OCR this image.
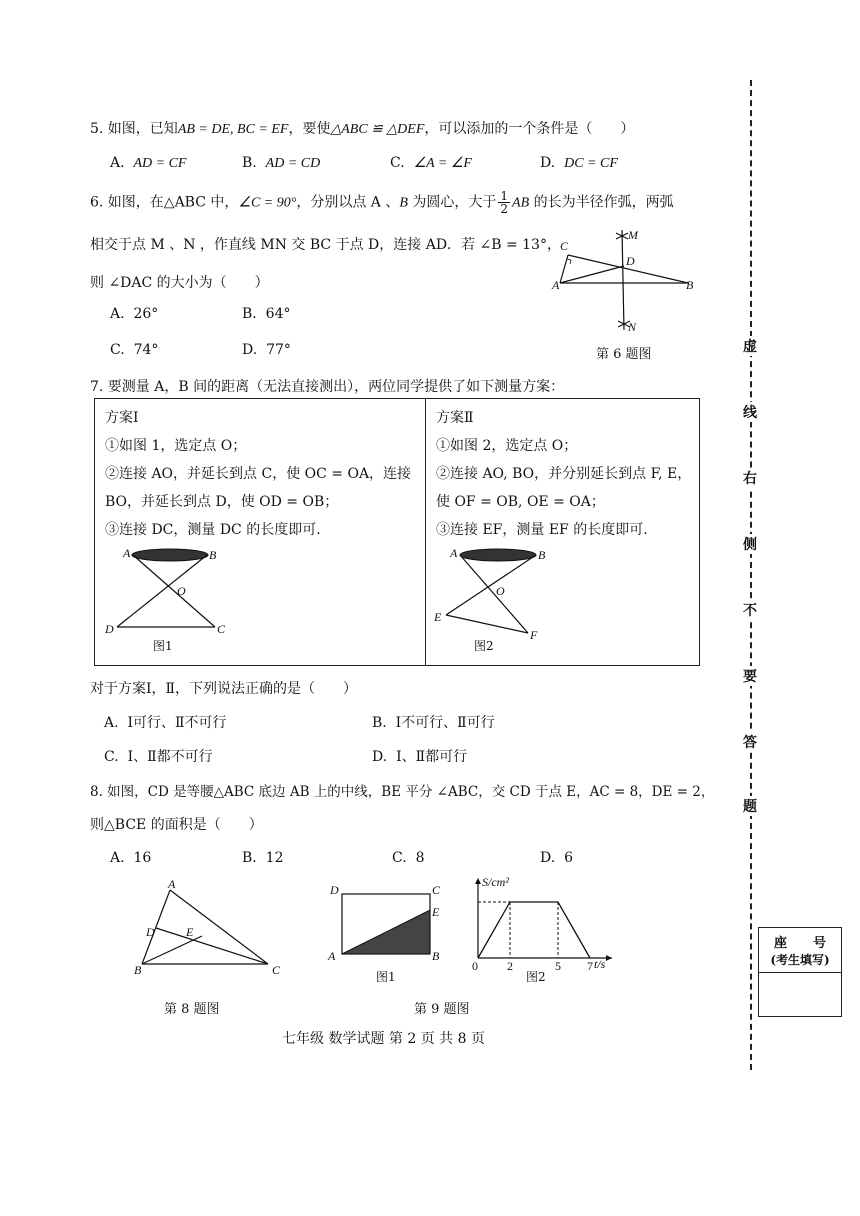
5. 如图，已知AB = DE, BC = EF，要使△ABC ≌ △DEF，可以添加的一个条件是（　　）
A. AD = CF	B. AD = CD	C. ∠A = ∠F	D. DC = CF
6. 如图，在△ABC 中，∠C = 90°，分别以点 A 、B 为圆心，大于 $\frac{1}{2}$ AB 的长为半径作弧，两弧
相交于点 M 、N ，作直线 MN 交 BC 于点 D，连接 AD．若 ∠B = 13°，
则 ∠DAC 的大小为（　　）
A. 26°	B. 64°
C. 74°	D. 77°
C
D
A	B
M
N
第 6 题图
7. 要测量 A，B 间的距离（无法直接测出），两位同学提供了如下测量方案：
方案Ⅰ
①如图 1，选定点 O；
②连接 AO，并延长到点 C，使 OC = OA，连接
BO，并延长到点 D，使 OD = OB；
③连接 DC，测量 DC 的长度即可.
A	B
O
D	C
图1
方案Ⅱ
①如图 2，选定点 O；
②连接 AO, BO，并分别延长到点 F, E，
使 OF = OB, OE = OA；
③连接 EF，测量 EF 的长度即可.
A	B
O
E
F
图2
对于方案Ⅰ，Ⅱ，下列说法正确的是（　　）
A. Ⅰ可行、Ⅱ不可行	B. Ⅰ不可行、Ⅱ可行
C. Ⅰ、Ⅱ都不可行	D. Ⅰ、Ⅱ都可行
8. 如图，CD 是等腰△ABC 底边 AB 上的中线，BE 平分 ∠ABC，交 CD 于点 E，AC = 8，DE = 2，
则△BCE 的面积是（　　）
A. 16	B. 12	C. 8	D. 6
A
D	E
B	C
第 8 题图
D	C
E
A	B
图1
S/cm²
t/s
0 2	5 7
图2
第 9 题图
七年级 数学试题 第 2 页 共 8 页
虚
线
右
侧
不
要
答
题
座　　号
(考生填写)
